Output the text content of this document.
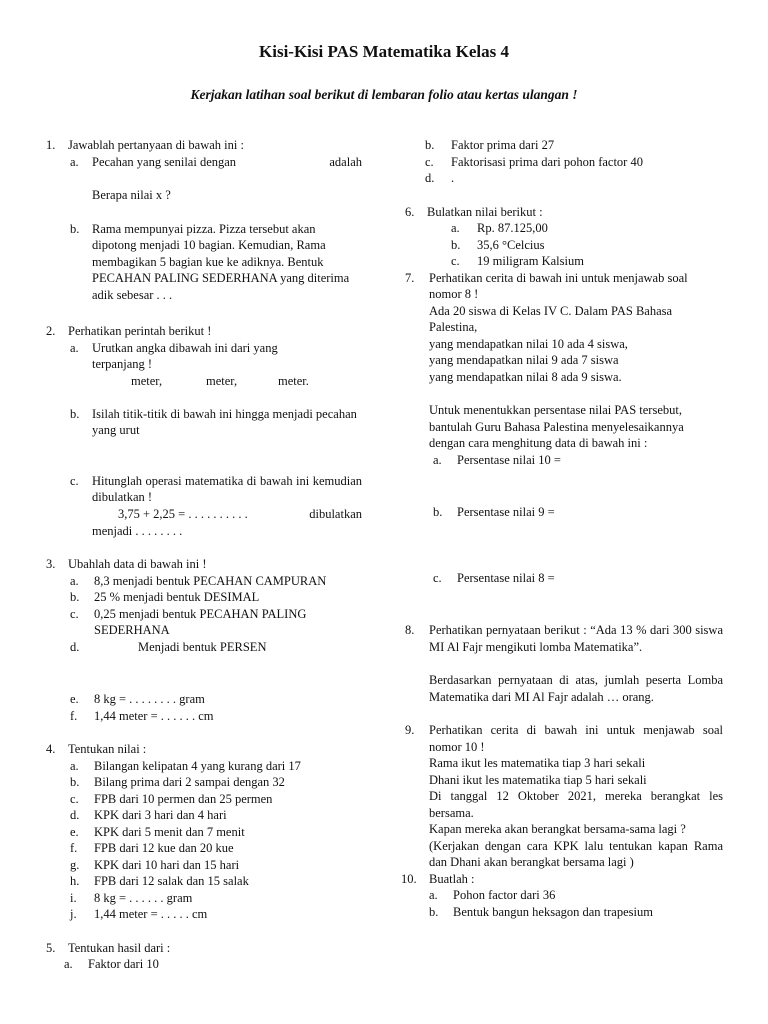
Kisi-Kisi PAS Matematika Kelas 4
Kerjakan latihan soal berikut di lembaran folio atau kertas ulangan !
1. Jawablah pertanyaan di bawah ini :
a. Pecahan yang senilai dengan	adalah
Berapa nilai x ?
b. Rama mempunyai pizza. Pizza tersebut akan dipotong menjadi 10 bagian. Kemudian, Rama membagikan 5 bagian kue ke adiknya. Bentuk PECAHAN PALING SEDERHANA yang diterima adik sebesar . . .
2. Perhatikan perintah berikut !
a. Urutkan angka dibawah ini dari yang terpanjang !
meter,	meter,	meter.
b. Isilah titik-titik di bawah ini hingga menjadi pecahan yang urut
c. Hitunglah operasi matematika di bawah ini kemudian dibulatkan !
3,75 + 2,25 = . . . . . . . . . .	dibulatkan
menjadi . . . . . . . .
3. Ubahlah data di bawah ini !
a. 8,3 menjadi bentuk PECAHAN CAMPURAN
b. 25 % menjadi bentuk DESIMAL
c. 0,25 menjadi bentuk PECAHAN PALING SEDERHANA
d.	Menjadi bentuk PERSEN
e. 8 kg = . . . . . . . . gram
f. 1,44 meter = . . . . . . cm
4. Tentukan nilai :
a. Bilangan kelipatan 4 yang kurang dari 17
b. Bilang prima dari 2 sampai dengan 32
c. FPB dari 10 permen dan 25 permen
d. KPK dari 3 hari dan 4 hari
e. KPK dari 5 menit dan 7 menit
f. FPB dari 12 kue dan 20 kue
g. KPK dari 10 hari dan 15 hari
h. FPB dari 12 salak dan 15 salak
i. 8 kg = . . . . . . gram
j. 1,44 meter = . . . . . cm
5. Tentukan hasil dari :
a. Faktor dari 10
b. Faktor prima dari 27
c. Faktorisasi prima dari pohon factor 40
d. .
6. Bulatkan nilai berikut :
a. Rp. 87.125,00
b. 35,6 °Celcius
c. 19 miligram Kalsium
7. Perhatikan cerita di bawah ini untuk menjawab soal nomor 8 !
Ada 20 siswa di Kelas IV C. Dalam PAS Bahasa Palestina,
yang mendapatkan nilai 10 ada 4 siswa,
yang mendapatkan nilai 9 ada 7 siswa
yang mendapatkan nilai 8 ada 9 siswa.
Untuk menentukkan persentase nilai PAS tersebut, bantulah Guru Bahasa Palestina menyelesaikannya dengan cara menghitung data di bawah ini :
a. Persentase nilai 10 =
b. Persentase nilai 9 =
c. Persentase nilai 8 =
8. Perhatikan pernyataan berikut : “Ada 13 % dari 300 siswa MI Al Fajr mengikuti lomba Matematika”.
Berdasarkan pernyataan di atas, jumlah peserta Lomba Matematika dari MI Al Fajr adalah … orang.
9. Perhatikan cerita di bawah ini untuk menjawab soal nomor 10 !
Rama ikut les matematika tiap 3 hari sekali
Dhani ikut les matematika tiap 5 hari sekali
Di tanggal 12 Oktober 2021, mereka berangkat les bersama.
Kapan mereka akan berangkat bersama-sama lagi ?
(Kerjakan dengan cara KPK lalu tentukan kapan Rama dan Dhani akan berangkat bersama lagi )
10. Buatlah :
a. Pohon factor dari 36
b. Bentuk bangun heksagon dan trapesium
